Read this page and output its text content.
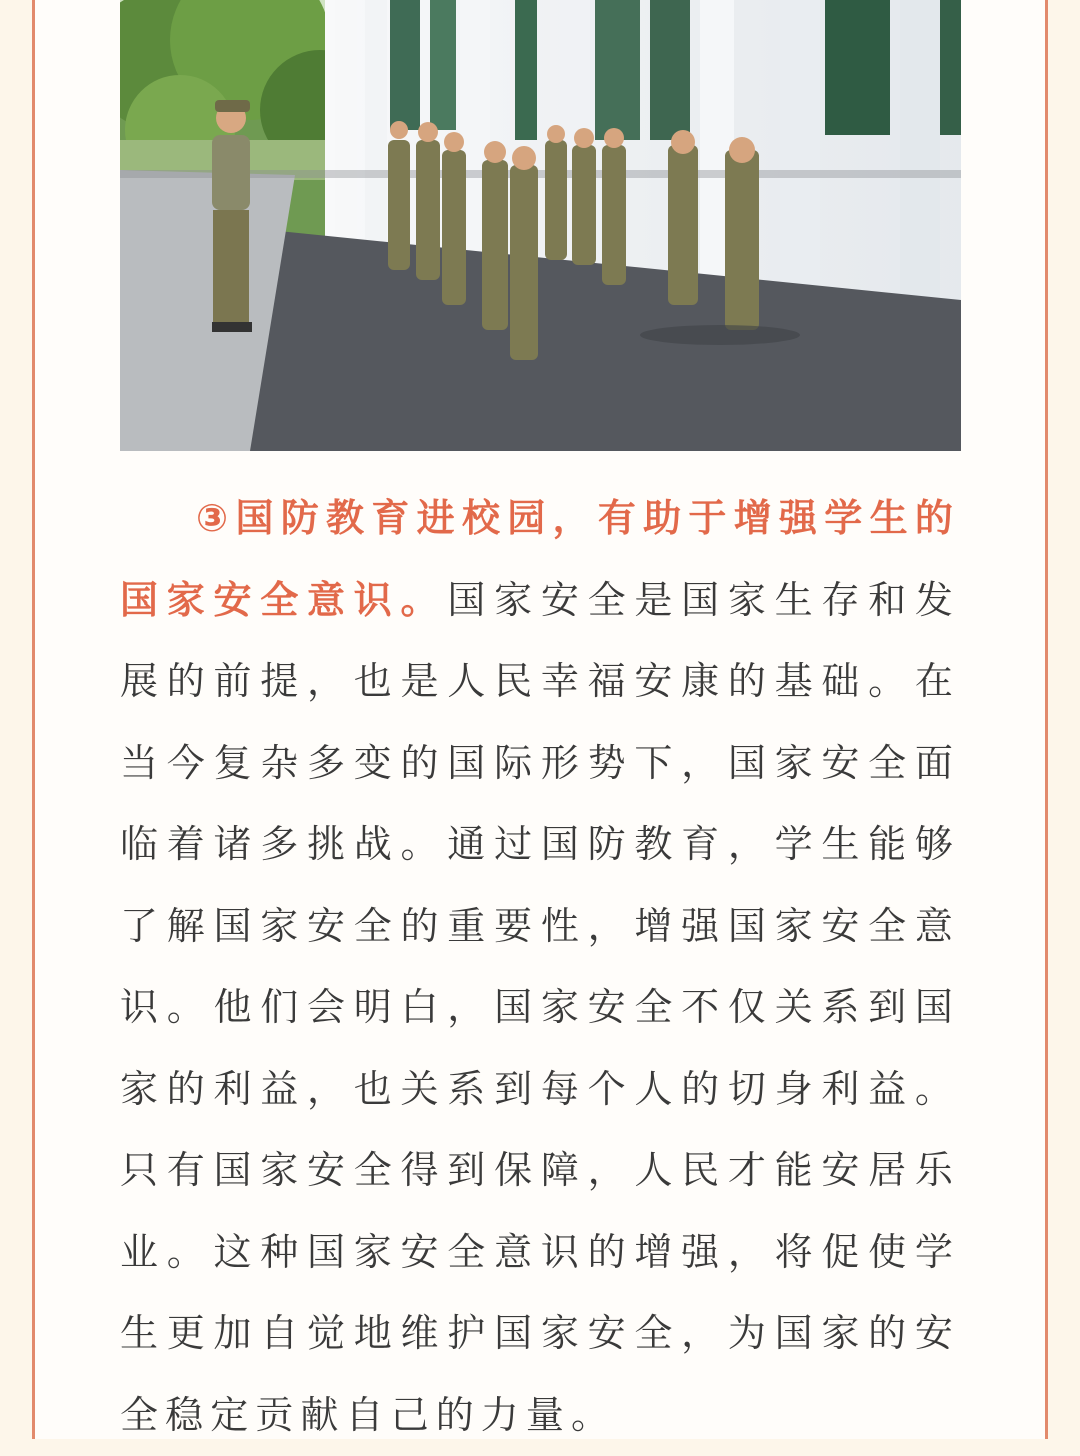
③国防教育进校园，有助于增强学生的国家安全意识。国家安全是国家生存和发展的前提，也是人民幸福安康的基础。在当今复杂多变的国际形势下，国家安全面临着诸多挑战。通过国防教育，学生能够了解国家安全的重要性，增强国家安全意识。他们会明白，国家安全不仅关系到国家的利益，也关系到每个人的切身利益。只有国家安全得到保障，人民才能安居乐业。这种国家安全意识的增强，将促使学生更加自觉地维护国家安全，为国家的安全稳定贡献自己的力量。
